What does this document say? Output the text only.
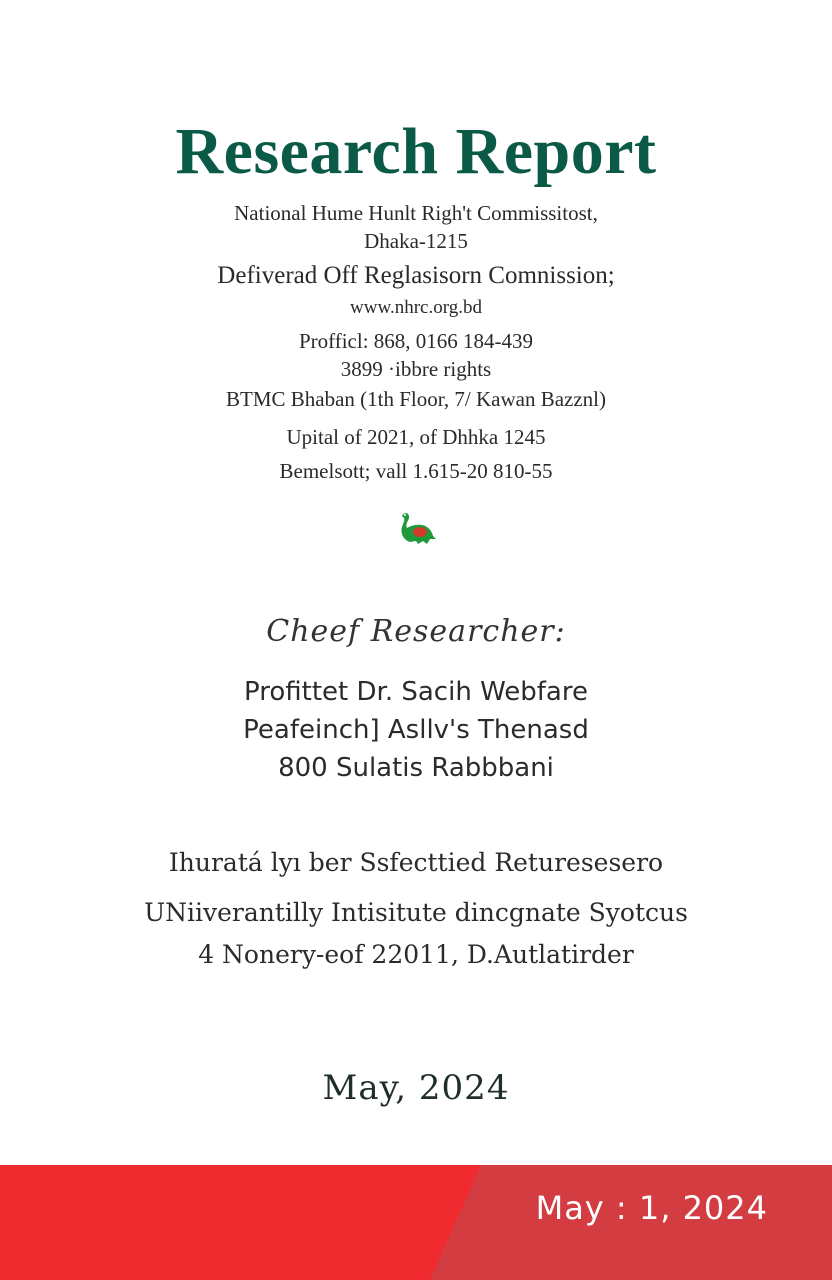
Research Report
National Hume Hunlt Righ't Commissitost,
Dhaka-1215
Defiverad Off Reglasisorn Comnission;
www.nhrc.org.bd
Profficl: 868, 0166 184-439
3899 ·ibbre rights
BTMC Bhaban (1th Floor, 7/ Kawan Bazznl)
Upital of 2021, of Dhhka 1245
Bemelsott; vall 1.615-20 810-55
Cheef Researcher:
Profittet Dr. Sacih Webfare
Peafeinch] Asllv's Thenasd
800 Sulatis Rabbbani
Ihuratá lyı ber Ssfecttied Returesesero
UNiiverantilly Intisitute dincgnate Syotcus
4 Nonery-eof 22011, D.Autlatirder
May, 2024
May : 1, 2024
